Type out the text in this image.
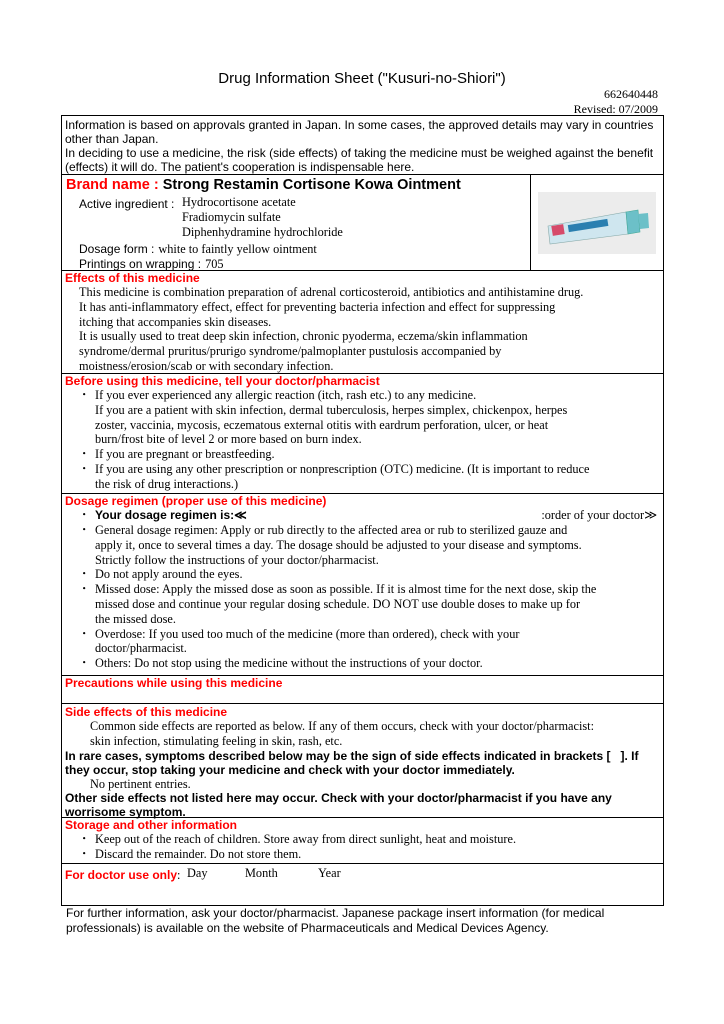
Drug Information Sheet ("Kusuri-no-Shiori")
662640448
Revised: 07/2009
Information is based on approvals granted in Japan. In some cases, the approved details may vary in countries
other than Japan.
In deciding to use a medicine, the risk (side effects) of taking the medicine must be weighed against the benefit
(effects) it will do. The patient's cooperation is indispensable here.
Brand name : Strong Restamin Cortisone Kowa Ointment
Active ingredient : Hydrocortisone acetate
Fradiomycin sulfate
Diphenhydramine hydrochloride
Dosage form : white to faintly yellow ointment
Printings on wrapping : 705
Effects of this medicine
This medicine is combination preparation of adrenal corticosteroid, antibiotics and antihistamine drug.
It has anti-inflammatory effect, effect for preventing bacteria infection and effect for suppressing
itching that accompanies skin diseases.
It is usually used to treat deep skin infection, chronic pyoderma, eczema/skin inflammation
syndrome/dermal pruritus/prurigo syndrome/palmoplanter pustulosis accompanied by
moistness/erosion/scab or with secondary infection.
Before using this medicine, tell your doctor/pharmacist
・ If you ever experienced any allergic reaction (itch, rash etc.) to any medicine.
If you are a patient with skin infection, dermal tuberculosis, herpes simplex, chickenpox, herpes
zoster, vaccinia, mycosis, eczematous external otitis with eardrum perforation, ulcer, or heat
burn/frost bite of level 2 or more based on burn index.
・ If you are pregnant or breastfeeding.
・ If you are using any other prescription or nonprescription (OTC) medicine. (It is important to reduce
the risk of drug interactions.)
Dosage regimen (proper use of this medicine)
・ Your dosage regimen is:≪	:order of your doctor≫
・ General dosage regimen: Apply or rub directly to the affected area or rub to sterilized gauze and
apply it, once to several times a day. The dosage should be adjusted to your disease and symptoms.
Strictly follow the instructions of your doctor/pharmacist.
・ Do not apply around the eyes.
・ Missed dose: Apply the missed dose as soon as possible. If it is almost time for the next dose, skip the
missed dose and continue your regular dosing schedule. DO NOT use double doses to make up for
the missed dose.
・ Overdose: If you used too much of the medicine (more than ordered), check with your
doctor/pharmacist.
・ Others: Do not stop using the medicine without the instructions of your doctor.
Precautions while using this medicine
Side effects of this medicine
Common side effects are reported as below. If any of them occurs, check with your doctor/pharmacist:
skin infection, stimulating feeling in skin, rash, etc.
In rare cases, symptoms described below may be the sign of side effects indicated in brackets [   ]. If
they occur, stop taking your medicine and check with your doctor immediately.
No pertinent entries.
Other side effects not listed here may occur. Check with your doctor/pharmacist if you have any
worrisome symptom.
Storage and other information
・ Keep out of the reach of children. Store away from direct sunlight, heat and moisture.
・ Discard the remainder. Do not store them.
For doctor use only: Day	Month	Year
For further information, ask your doctor/pharmacist. Japanese package insert information (for medical
professionals) is available on the website of Pharmaceuticals and Medical Devices Agency.
